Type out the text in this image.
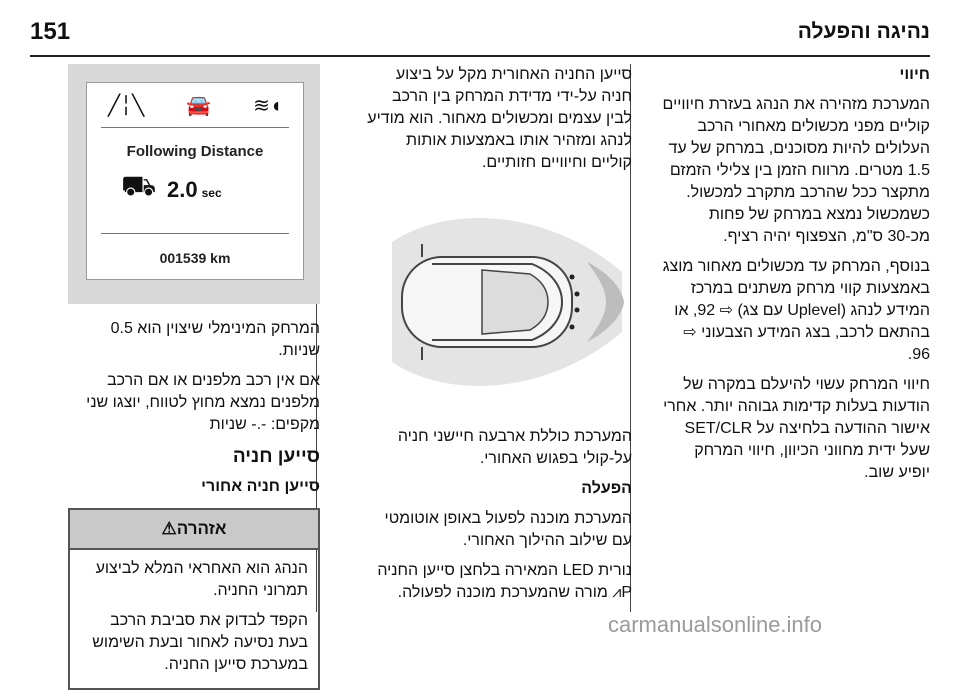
151	נהיגה והפעלה

חיווי

המערכת מזהירה את הנהג בעזרת חיוויים קוליים מפני מכשולים מאחורי הרכב העלולים להיות מסוכנים, במרחק של עד 1.5 מטרים. מרווח הזמן בין צלילי הזמזם מתקצר ככל שהרכב מתקרב למכשול. כשמכשול נמצא במרחק של פחות מכ-30 ס"מ, הצפצוף יהיה רציף.

בנוסף, המרחק עד מכשולים מאחור מוצג באמצעות קווי מרחק משתנים במרכז המידע לנהג (Uplevel עם צג) ⇨ 92, או בהתאם לרכב, בצג המידע הצבעוני ⇨ 96.

חיווי המרחק עשוי להיעלם במקרה של הודעות בעלות קדימות גבוהה יותר. אחרי אישור ההודעה בלחיצה על SET/CLR שעל ידית מחווני הכיוון, חיווי המרחק יופיע שוב.

סייען החניה האחורית מקל על ביצוע חניה על-ידי מדידת המרחק בין הרכב לבין עצמים ומכשולים מאחור. הוא מודיע לנהג ומזהיר אותו באמצעות אותות קוליים וחיוויים חזותיים.

המערכת כוללת ארבעה חיישני חניה על-קולי בפגוש האחורי.

הפעלה

המערכת מוכנה לפעול באופן אוטומטי עם שילוב ההילוך האחורי.

נורית LED המאירה בלחצן סייען החניה P⩘ מורה שהמערכת מוכנה לפעולה.

╱╎╲ 🚘 ≋◖
Following Distance
⛟ 2.0 sec
001539 km

המרחק המינימלי שיצוין הוא 0.5 שניות.

אם אין רכב מלפנים או אם הרכב מלפנים נמצא מחוץ לטווח, יוצגו שני מקפים: -.- שניות

סייען חניה

סייען חניה אחורי

אזהרה⚠

הנהג הוא האחראי המלא לביצוע תמרוני החניה.

הקפד לבדוק את סביבת הרכב בעת נסיעה לאחור ובעת השימוש במערכת סייען החניה.

carmanualsonline.info
